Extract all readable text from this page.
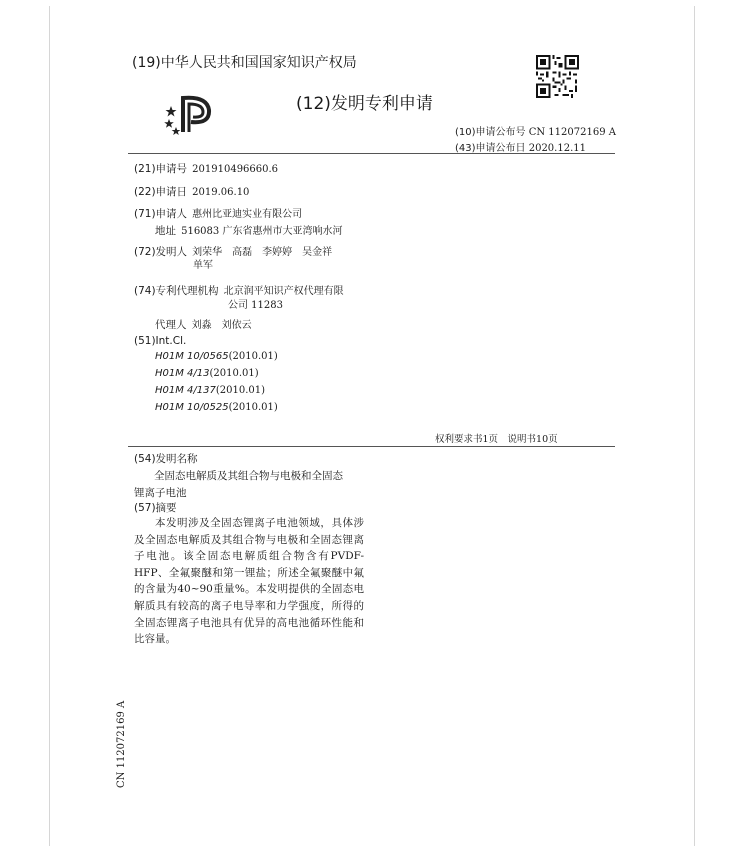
(19)中华人民共和国国家知识产权局
(12)发明专利申请
(10)申请公布号 CN 112072169 A
(43)申请公布日 2020.12.11
(21)申请号 201910496660.6
(22)申请日 2019.06.10
(71)申请人 惠州比亚迪实业有限公司
地址 516083 广东省惠州市大亚湾响水河
(72)发明人 刘荣华　高磊　李婷婷　吴金祥
单军
(74)专利代理机构 北京润平知识产权代理有限
公司 11283
代理人 刘淼　刘依云
(51)Int.Cl.
H01M 10/0565(2010.01)
H01M 4/13(2010.01)
H01M 4/137(2010.01)
H01M 10/0525(2010.01)
权利要求书1页　说明书10页
(54)发明名称
全固态电解质及其组合物与电极和全固态
锂离子电池
(57)摘要
本发明涉及全固态锂离子电池领域，具体涉及全固态电解质及其组合物与电极和全固态锂离子电池。该全固态电解质组合物含有PVDF-HFP、全氟聚醚和第一锂盐；所述全氟聚醚中氟的含量为40~90重量%。本发明提供的全固态电解质具有较高的离子电导率和力学强度，所得的全固态锂离子电池具有优异的高电池循环性能和比容量。
CN 112072169 A
